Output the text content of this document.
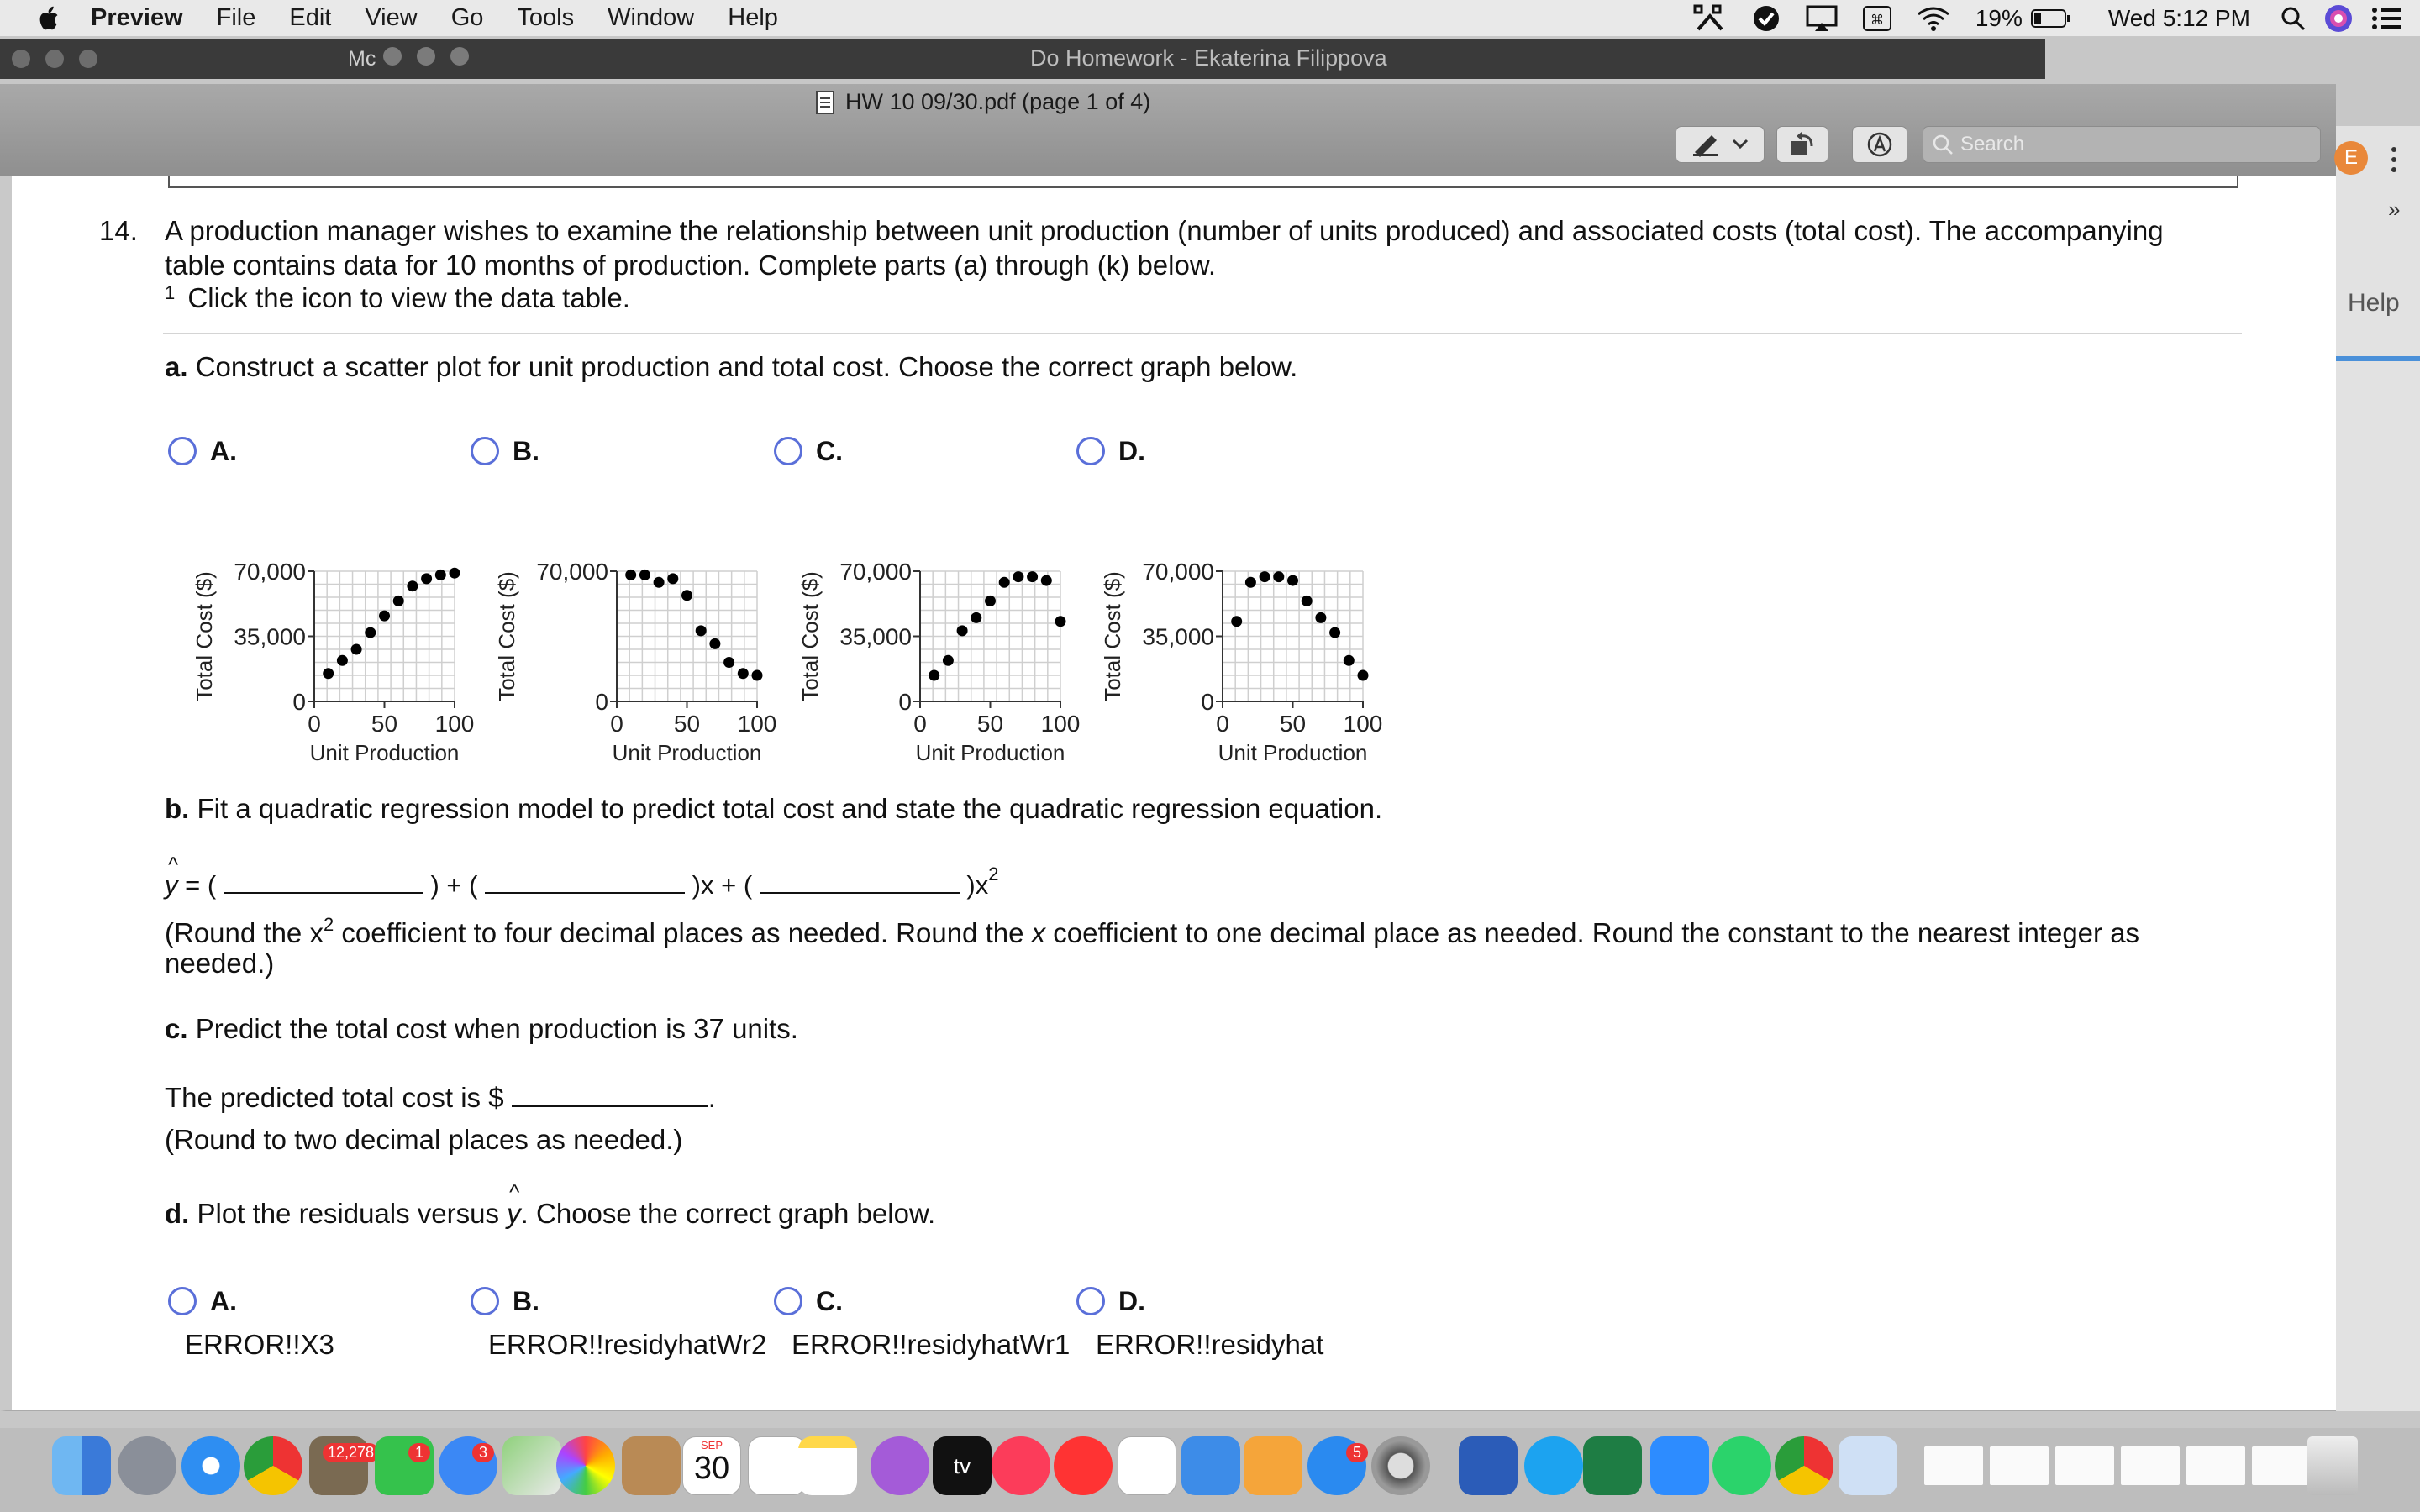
Preview File Edit View Go Tools Window Help	⌘	19%	Wed 5:12 PM
Do Homework - Ekaterina Filippova
Mc
HW 10 09/30.pdf (page 1 of 4)
Search
»
Help
E
14. A production manager wishes to examine the relationship between unit production (number of units produced) and associated costs (total cost). The accompanying
table contains data for 10 months of production. Complete parts (a) through (k) below.
$^1$ Click the icon to view the data table.
a. Construct a scatter plot for unit production and total cost. Choose the correct graph below.
A.	B.	C.	D.
70,000
35,000
0
0 50 100
Unit Production
Total Cost ($)	70,000
0
0 50 100
Unit Production
Total Cost ($)	70,000
35,000
0
0 50 100
Unit Production
Total Cost ($)	70,000
35,000
0
0 50 100
Unit Production
Total Cost ($)
b. Fit a quadratic regression model to predict total cost and state the quadratic regression equation.
^
y = (	) + (	)x + (	)$x^2$
(Round the $x^2$ coefficient to four decimal places as needed. Round the x coefficient to one decimal place as needed. Round the constant to the nearest integer as
needed.)
c. Predict the total cost when production is 37 units.
The predicted total cost is $	.
(Round to two decimal places as needed.)
d. Plot the residuals versus
^
y. Choose the correct graph below.
A.	B.	C.	D.
ERROR!!X3	ERROR!!residyhatWr2 ERROR!!residyhatWr1 ERROR!!residyhat
12,278	1	3	SEP
30	tv
5
